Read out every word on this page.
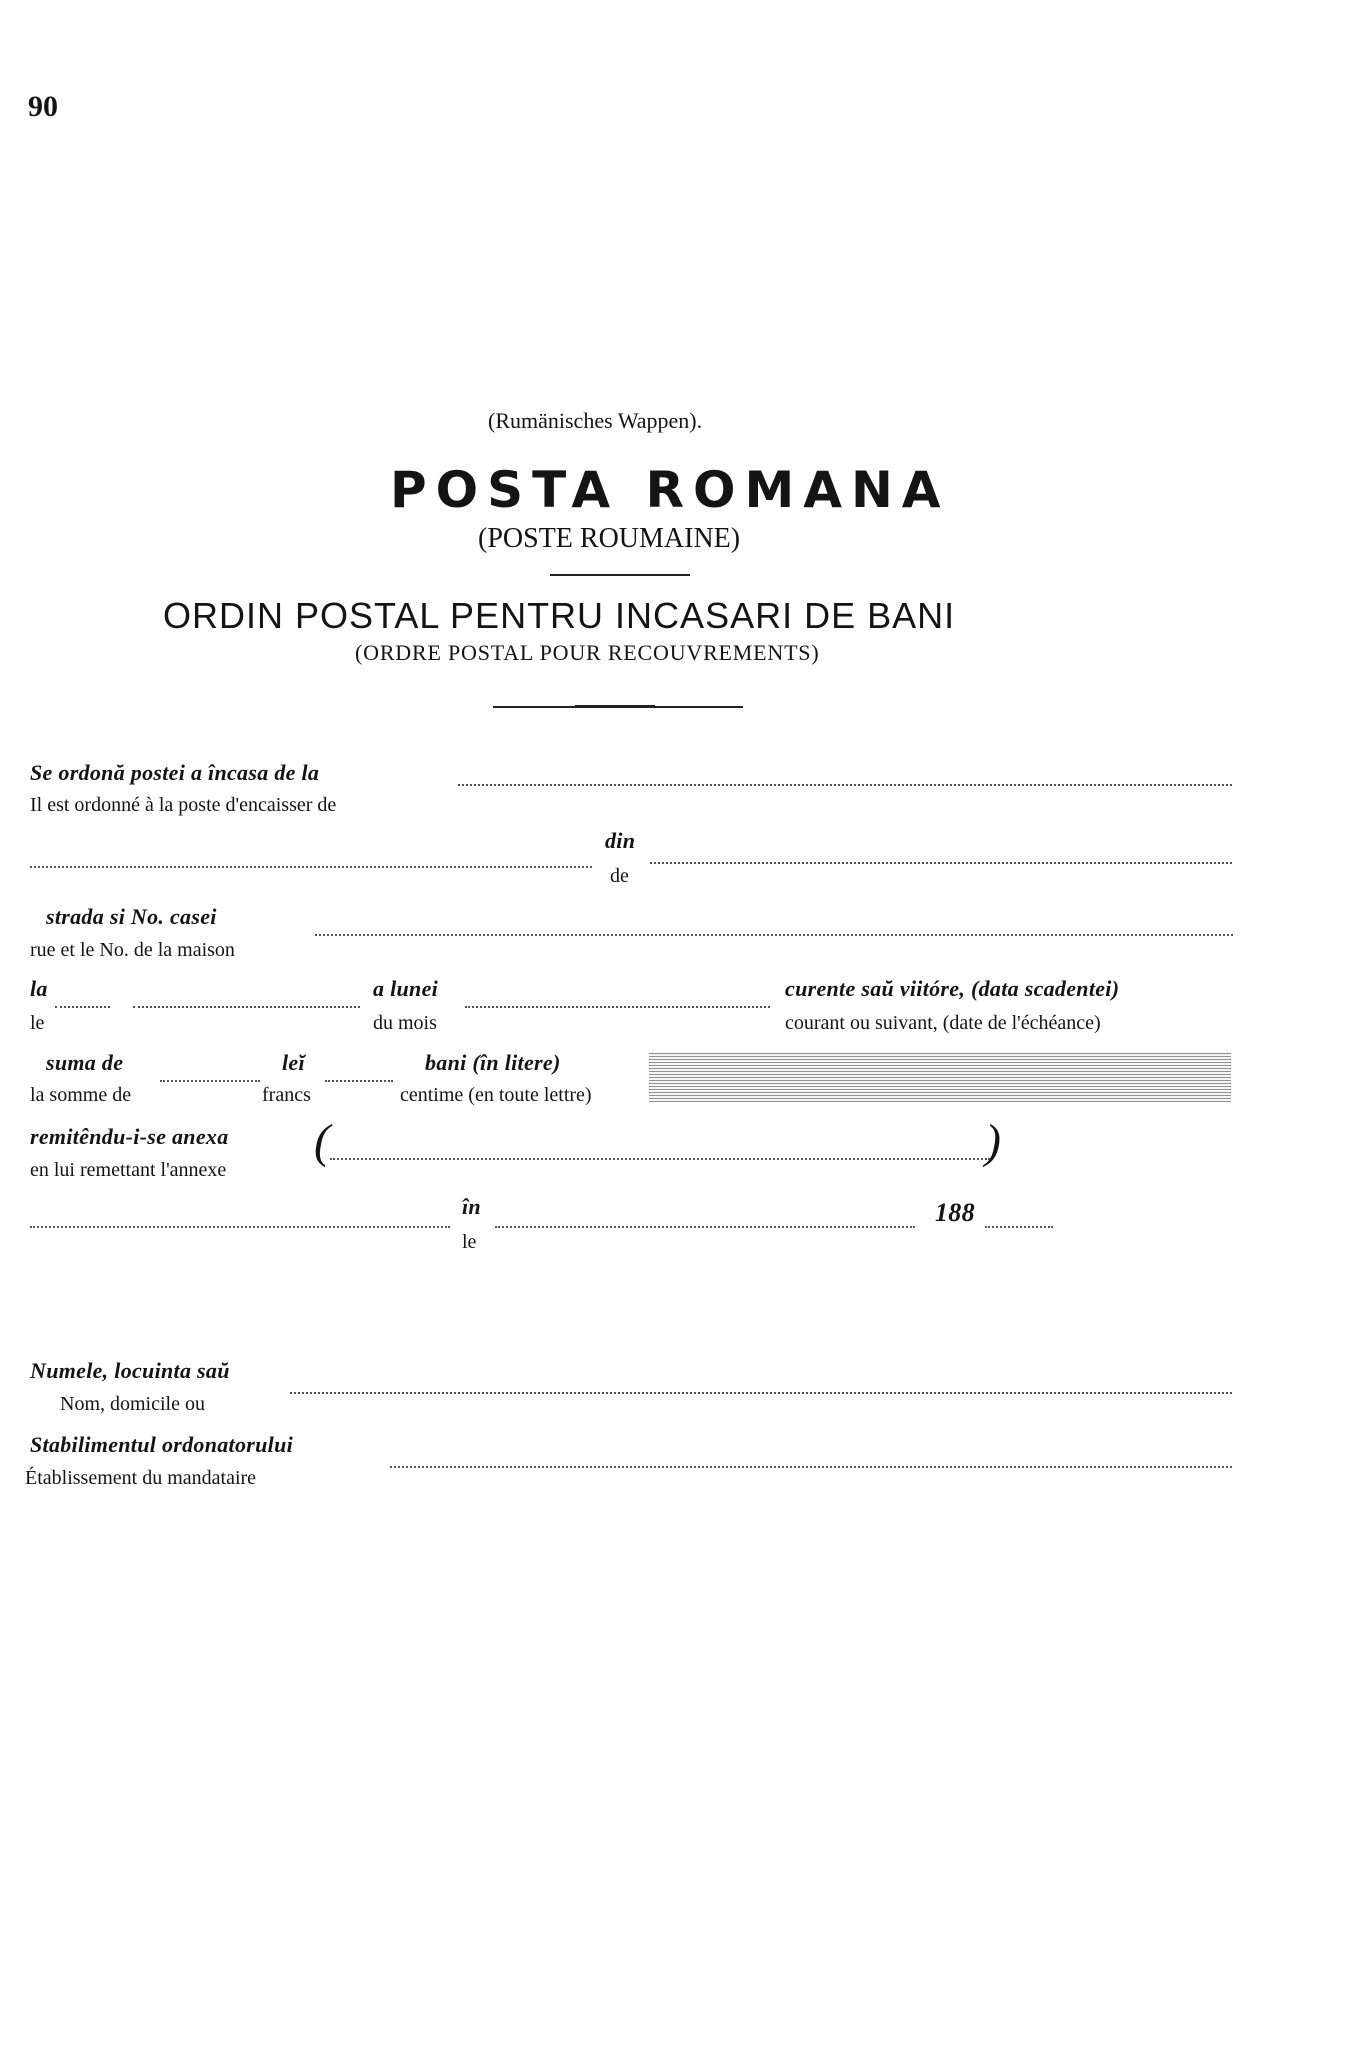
90
(Rumänisches Wappen).
POSTA ROMANA
(POSTE ROUMAINE)
ORDIN POSTAL PENTRU INCASARI DE BANI
(ORDRE POSTAL POUR RECOUVREMENTS)
Se ordonă postei a încasa de la
Il est ordonné à la poste d'encaisser de
din
de
strada si No. casei
rue et le No. de la maison
la
le
a lunei
du mois
curente saŭ viitóre, (data scadentei)
courant ou suivant, (date de l'échéance)
suma de
la somme de
leĭ
francs
bani (în litere)
centime (en toute lettre)
remitêndu-i-se anexa
en lui remettant l'annexe
(	)
în
le
188
Numele, locuinta saŭ
Nom, domicile ou
Stabilimentul ordonatorului
Établissement du mandataire
